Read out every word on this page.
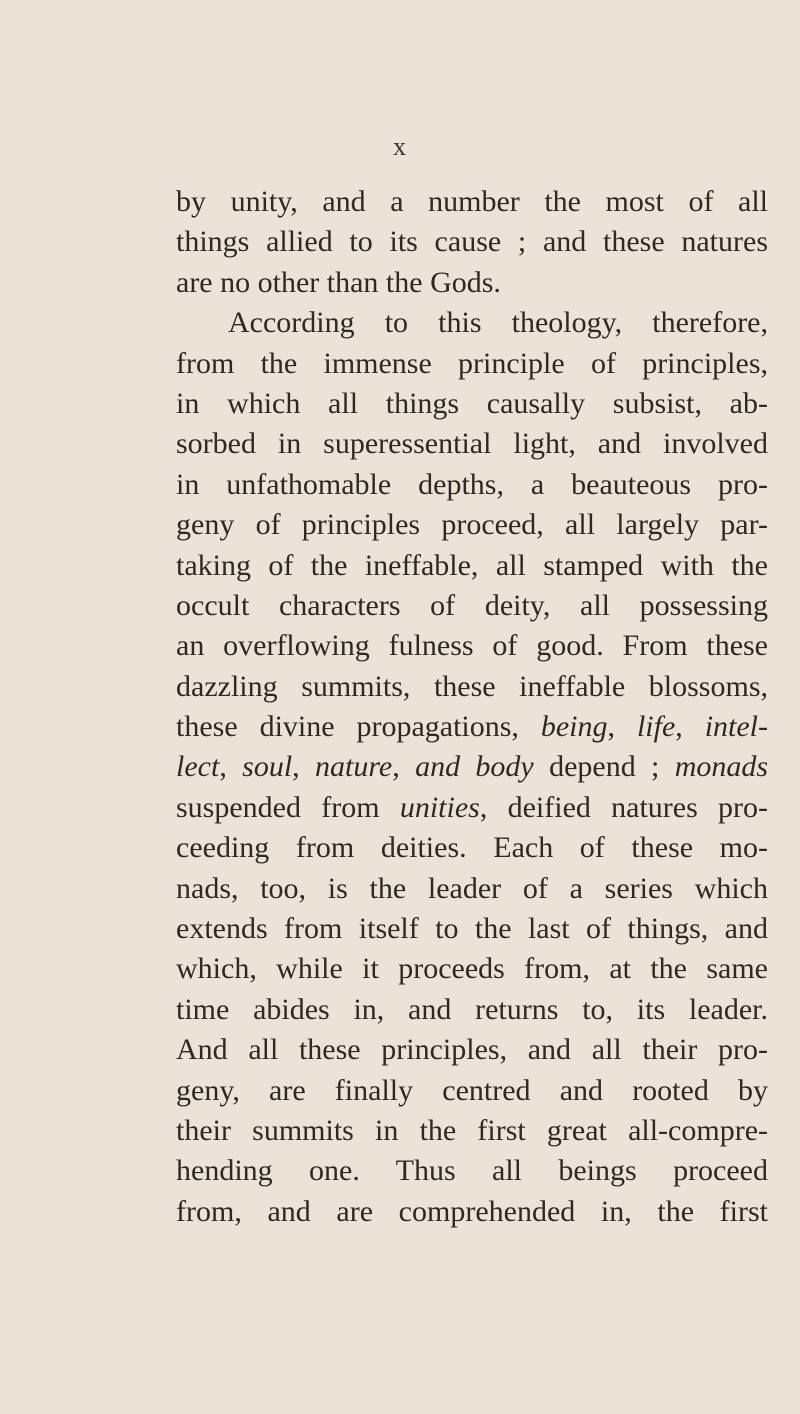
x
by unity, and a number the most of all
things allied to its cause ; and these natures
are no other than the Gods.
According to this theology, therefore,
from the immense principle of principles,
in which all things causally subsist, ab-
sorbed in superessential light, and involved
in unfathomable depths, a beauteous pro-
geny of principles proceed, all largely par-
taking of the ineffable, all stamped with the
occult characters of deity, all possessing
an overflowing fulness of good. From these
dazzling summits, these ineffable blossoms,
these divine propagations, being, life, intel-
lect, soul, nature, and body depend ; monads
suspended from unities, deified natures pro-
ceeding from deities. Each of these mo-
nads, too, is the leader of a series which
extends from itself to the last of things, and
which, while it proceeds from, at the same
time abides in, and returns to, its leader.
And all these principles, and all their pro-
geny, are finally centred and rooted by
their summits in the first great all-compre-
hending one. Thus all beings proceed
from, and are comprehended in, the first
